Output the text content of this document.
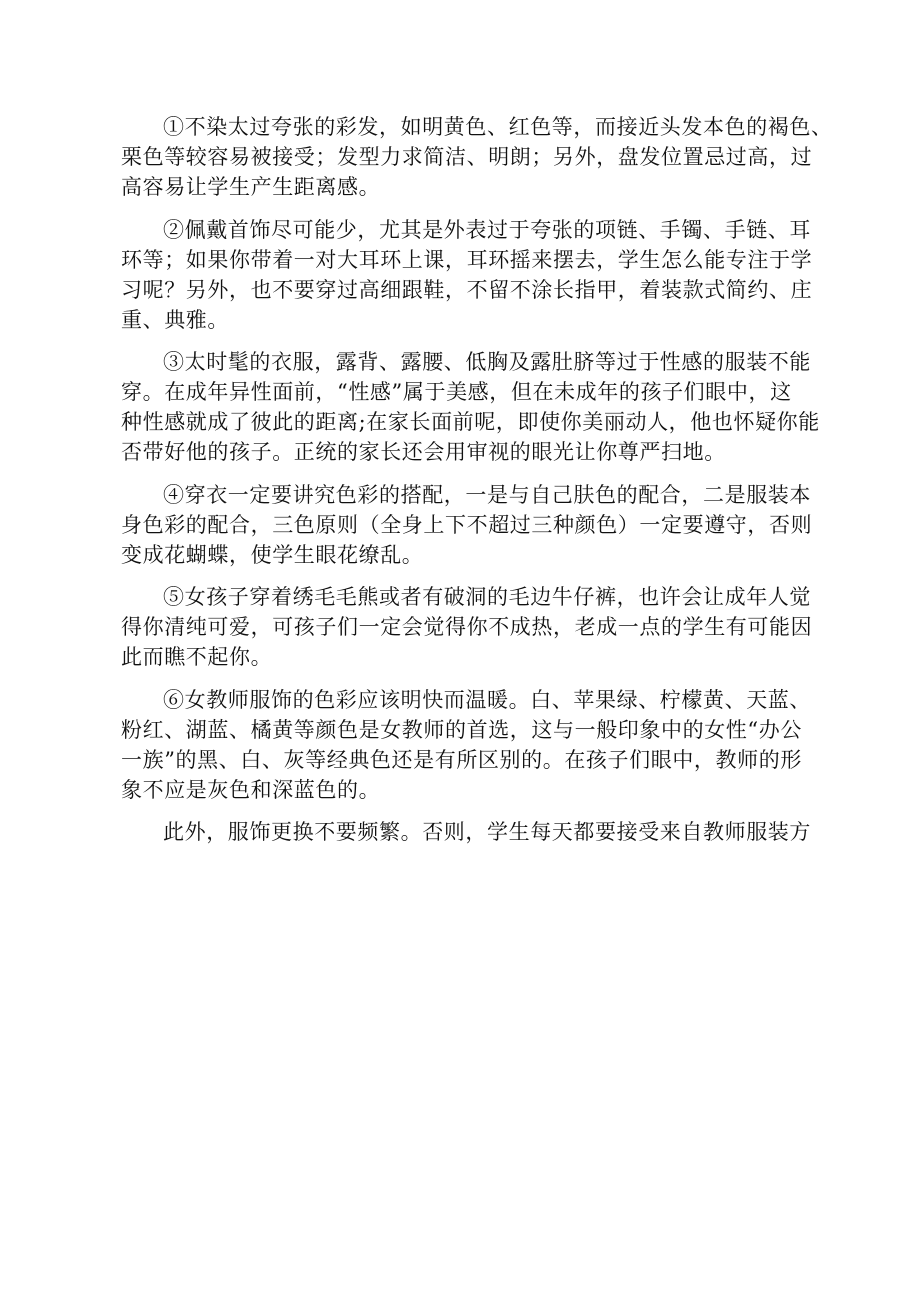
①不染太过夸张的彩发，如明黄色、红色等，而接近头发本色的褐色、
栗色等较容易被接受；发型力求简洁、明朗；另外，盘发位置忌过高，过
高容易让学生产生距离感。
②佩戴首饰尽可能少，尤其是外表过于夸张的项链、手镯、手链、耳
环等；如果你带着一对大耳环上课，耳环摇来摆去，学生怎么能专注于学
习呢？另外，也不要穿过高细跟鞋，不留不涂长指甲，着装款式简约、庄
重、典雅。
③太时髦的衣服，露背、露腰、低胸及露肚脐等过于性感的服装不能
穿。在成年异性面前，“性感”属于美感，但在未成年的孩子们眼中，这
种性感就成了彼此的距离;在家长面前呢，即使你美丽动人，他也怀疑你能
否带好他的孩子。正统的家长还会用审视的眼光让你尊严扫地。
④穿衣一定要讲究色彩的搭配，一是与自己肤色的配合，二是服装本
身色彩的配合，三色原则（全身上下不超过三种颜色）一定要遵守，否则
变成花蝴蝶，使学生眼花缭乱。
⑤女孩子穿着绣毛毛熊或者有破洞的毛边牛仔裤，也许会让成年人觉
得你清纯可爱，可孩子们一定会觉得你不成热，老成一点的学生有可能因
此而瞧不起你。
⑥女教师服饰的色彩应该明快而温暖。白、苹果绿、柠檬黄、天蓝、
粉红、湖蓝、橘黄等颜色是女教师的首选，这与一般印象中的女性“办公
一族”的黑、白、灰等经典色还是有所区别的。在孩子们眼中，教师的形
象不应是灰色和深蓝色的。
此外，服饰更换不要频繁。否则，学生每天都要接受来自教师服装方
